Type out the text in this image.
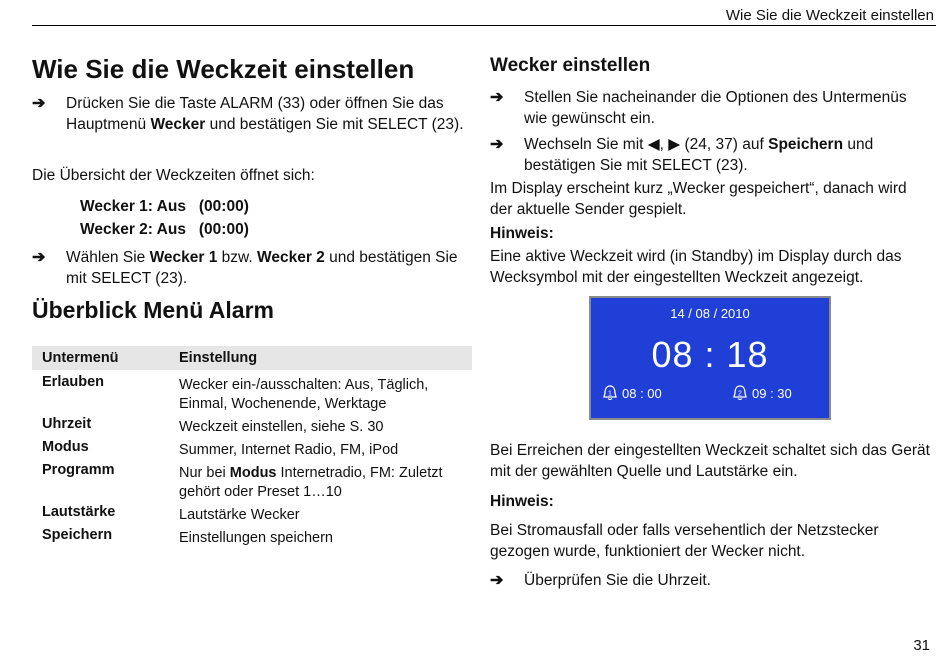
Wie Sie die Weckzeit einstellen
Wie Sie die Weckzeit einstellen
➔	Drücken Sie die Taste ALARM (33) oder öffnen Sie das Hauptmenü Wecker und bestätigen Sie mit SELECT (23).
Die Übersicht der Weckzeiten öffnet sich:
Wecker 1: Aus   (00:00)
Wecker 2: Aus   (00:00)
➔	Wählen Sie Wecker 1 bzw. Wecker 2 und bestätigen Sie mit SELECT (23).
Überblick Menü Alarm
Untermenü	Einstellung
Erlauben	Wecker ein-/ausschalten: Aus, Täglich, Einmal, Wochenende, Werktage
Uhrzeit	Weckzeit einstellen, siehe S. 30
Modus	Summer, Internet Radio, FM, iPod
Programm	Nur bei Modus Internetradio, FM: Zuletzt gehört oder Preset 1…10
Lautstärke	Lautstärke Wecker
Speichern	Einstellungen speichern
Wecker einstellen
➔	Stellen Sie nacheinander die Optionen des Untermenüs wie gewünscht ein.
➔	Wechseln Sie mit ◀, ▶ (24, 37) auf Speichern und bestätigen Sie mit SELECT (23).
Im Display erscheint kurz „Wecker gespeichert“, danach wird der aktuelle Sender gespielt.
Hinweis:
Eine aktive Weckzeit wird (in Standby) im Display durch das Wecksymbol mit der eingestellten Weckzeit angezeigt.
14 / 08 / 2010
08 : 18
1 08 : 00	2 09 : 30
Bei Erreichen der eingestellten Weckzeit schaltet sich das Gerät mit der gewählten Quelle und Lautstärke ein.
Hinweis:
Bei Stromausfall oder falls versehentlich der Netzstecker gezogen wurde, funktioniert der Wecker nicht.
➔	Überprüfen Sie die Uhrzeit.
31
